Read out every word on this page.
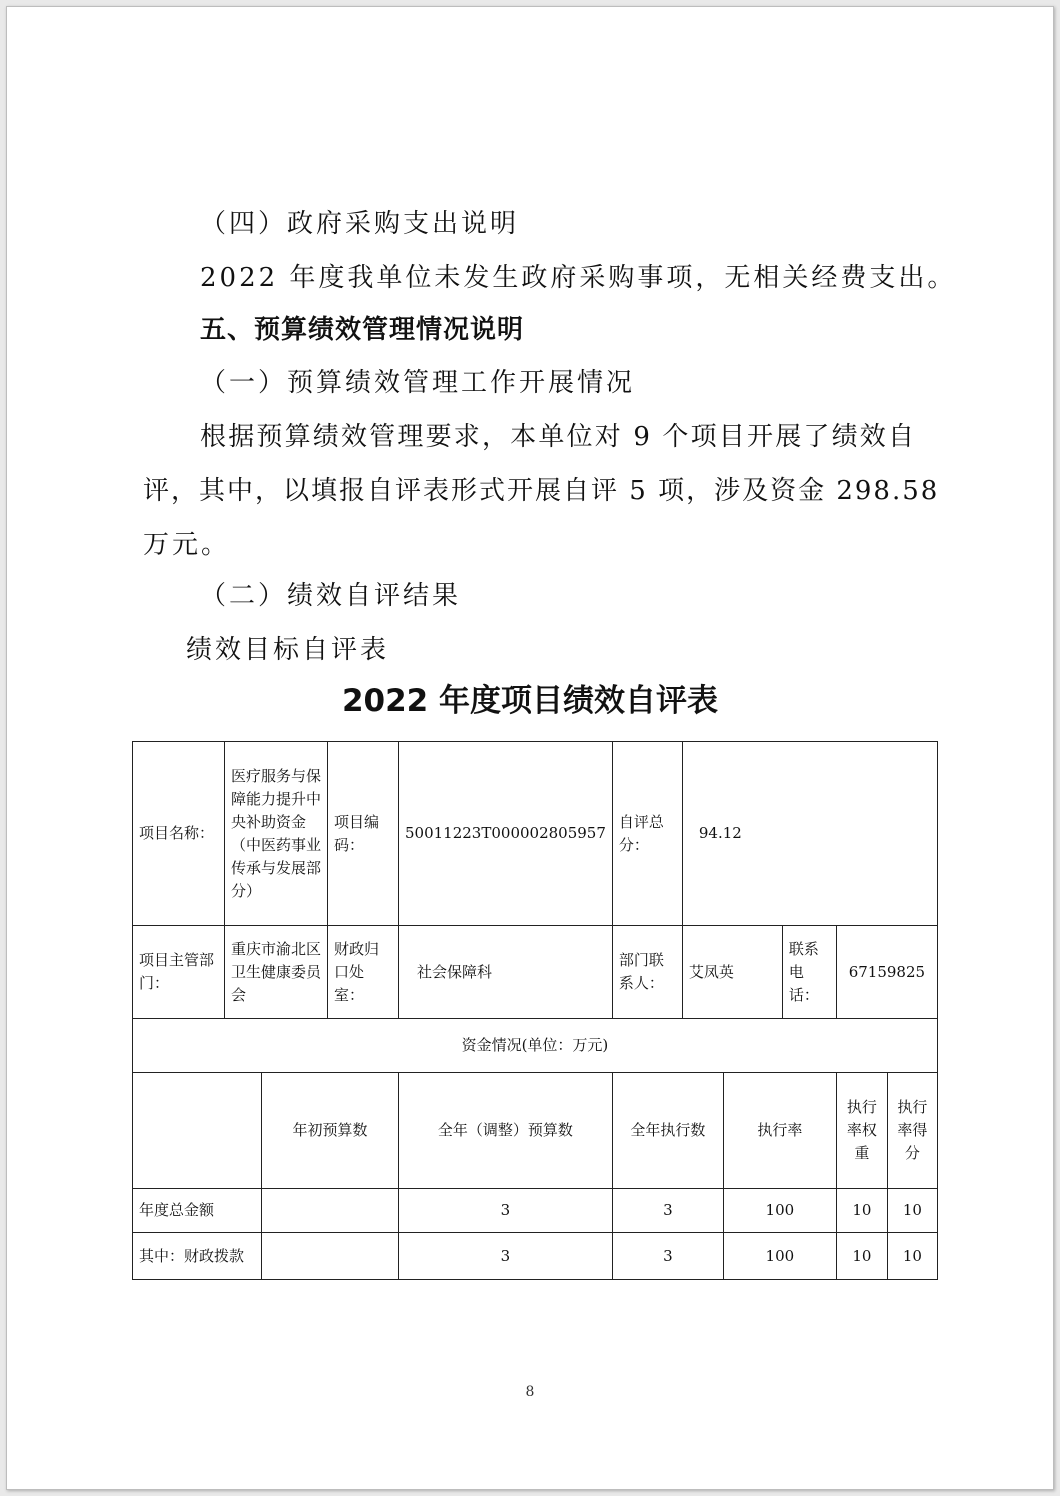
（四）政府采购支出说明
2022 年度我单位未发生政府采购事项，无相关经费支出。
五、预算绩效管理情况说明
（一）预算绩效管理工作开展情况
根据预算绩效管理要求，本单位对 9 个项目开展了绩效自
评，其中，以填报自评表形式开展自评 5 项，涉及资金 298.58
万元。
（二）绩效自评结果
绩效目标自评表
2022 年度项目绩效自评表
项目名称：	医疗服务与保障能力提升中央补助资金（中医药事业传承与发展部分）		项目编码：	50011223T000002805957	自评总分：	94.12				
项目主管部门：	重庆市渝北区卫生健康委员会		财政归口处室：	社会保障科	部门联系人：	艾凤英		联系电话：	67159825	
资金情况(单位：万元)										
		年初预算数		全年（调整）预算数	全年执行数		执行率		执行率权重	执行率得分
年度总金额				3	3		100		10	10
其中：财政拨款				3	3		100		10	10
8
